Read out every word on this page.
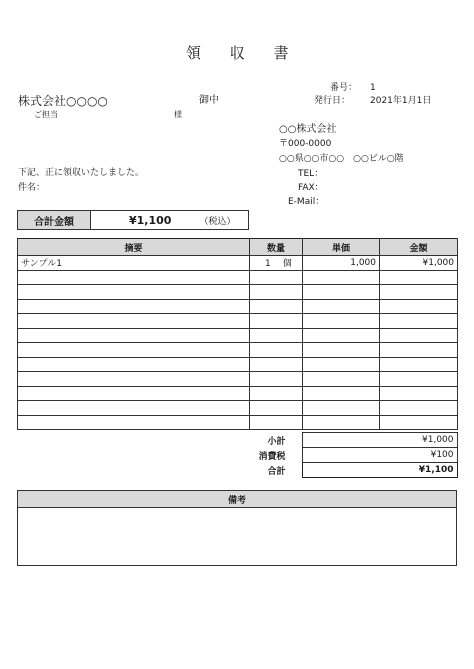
領 収 書
株式会社○○○○	御中
ご担当	様
番号： 1
発行日： 2021年1月1日
○○株式会社
〒000-0000
○○県○○市○○　○○ビル○階
TEL：
FAX：
E-Mail：
下記、正に領収いたしました。
件名：
合計金額	¥1,100	（税込）
摘要	数量	単価	金額
サンプル1	1 個	1,000	¥1,000

小計	¥1,000
消費税	¥100
合計	¥1,100
備考
